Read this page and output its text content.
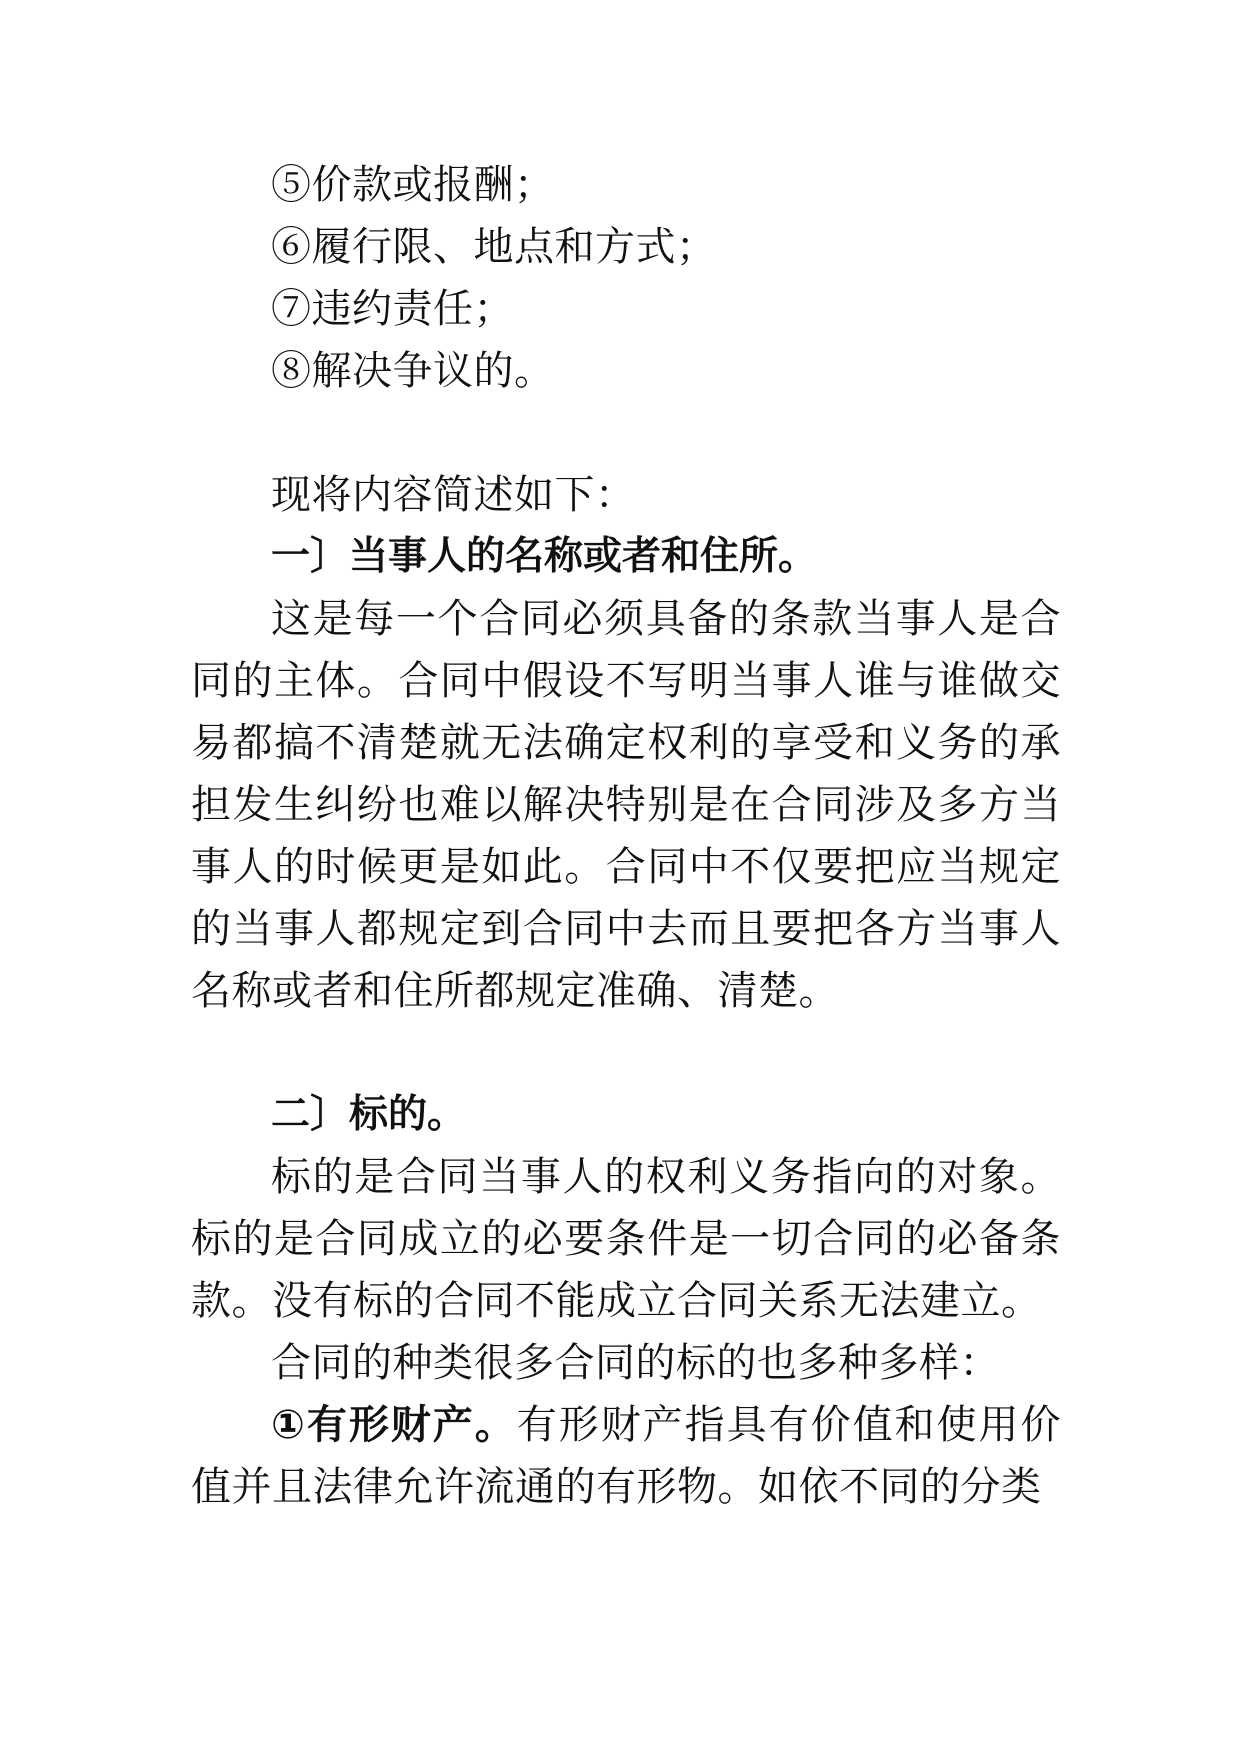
⑤价款或报酬；
⑥履行限、地点和方式；
⑦违约责任；
⑧解决争议的。
现将内容简述如下：
一〕当事人的名称或者和住所。

这是每一个合同必须具备的条款当事人是合同的主体。合同中假设不写明当事人谁与谁做交易都搞不清楚就无法确定权利的享受和义务的承担发生纠纷也难以解决特别是在合同涉及多方当事人的时候更是如此。合同中不仅要把应当规定的当事人都规定到合同中去而且要把各方当事人名称或者和住所都规定准确、清楚。

二〕标的。

标的是合同当事人的权利义务指向的对象。标的是合同成立的必要条件是一切合同的必备条款。没有标的合同不能成立合同关系无法建立。

合同的种类很多合同的标的也多种多样：

①有形财产。有形财产指具有价值和使用价值并且法律允许流通的有形物。如依不同的分类
